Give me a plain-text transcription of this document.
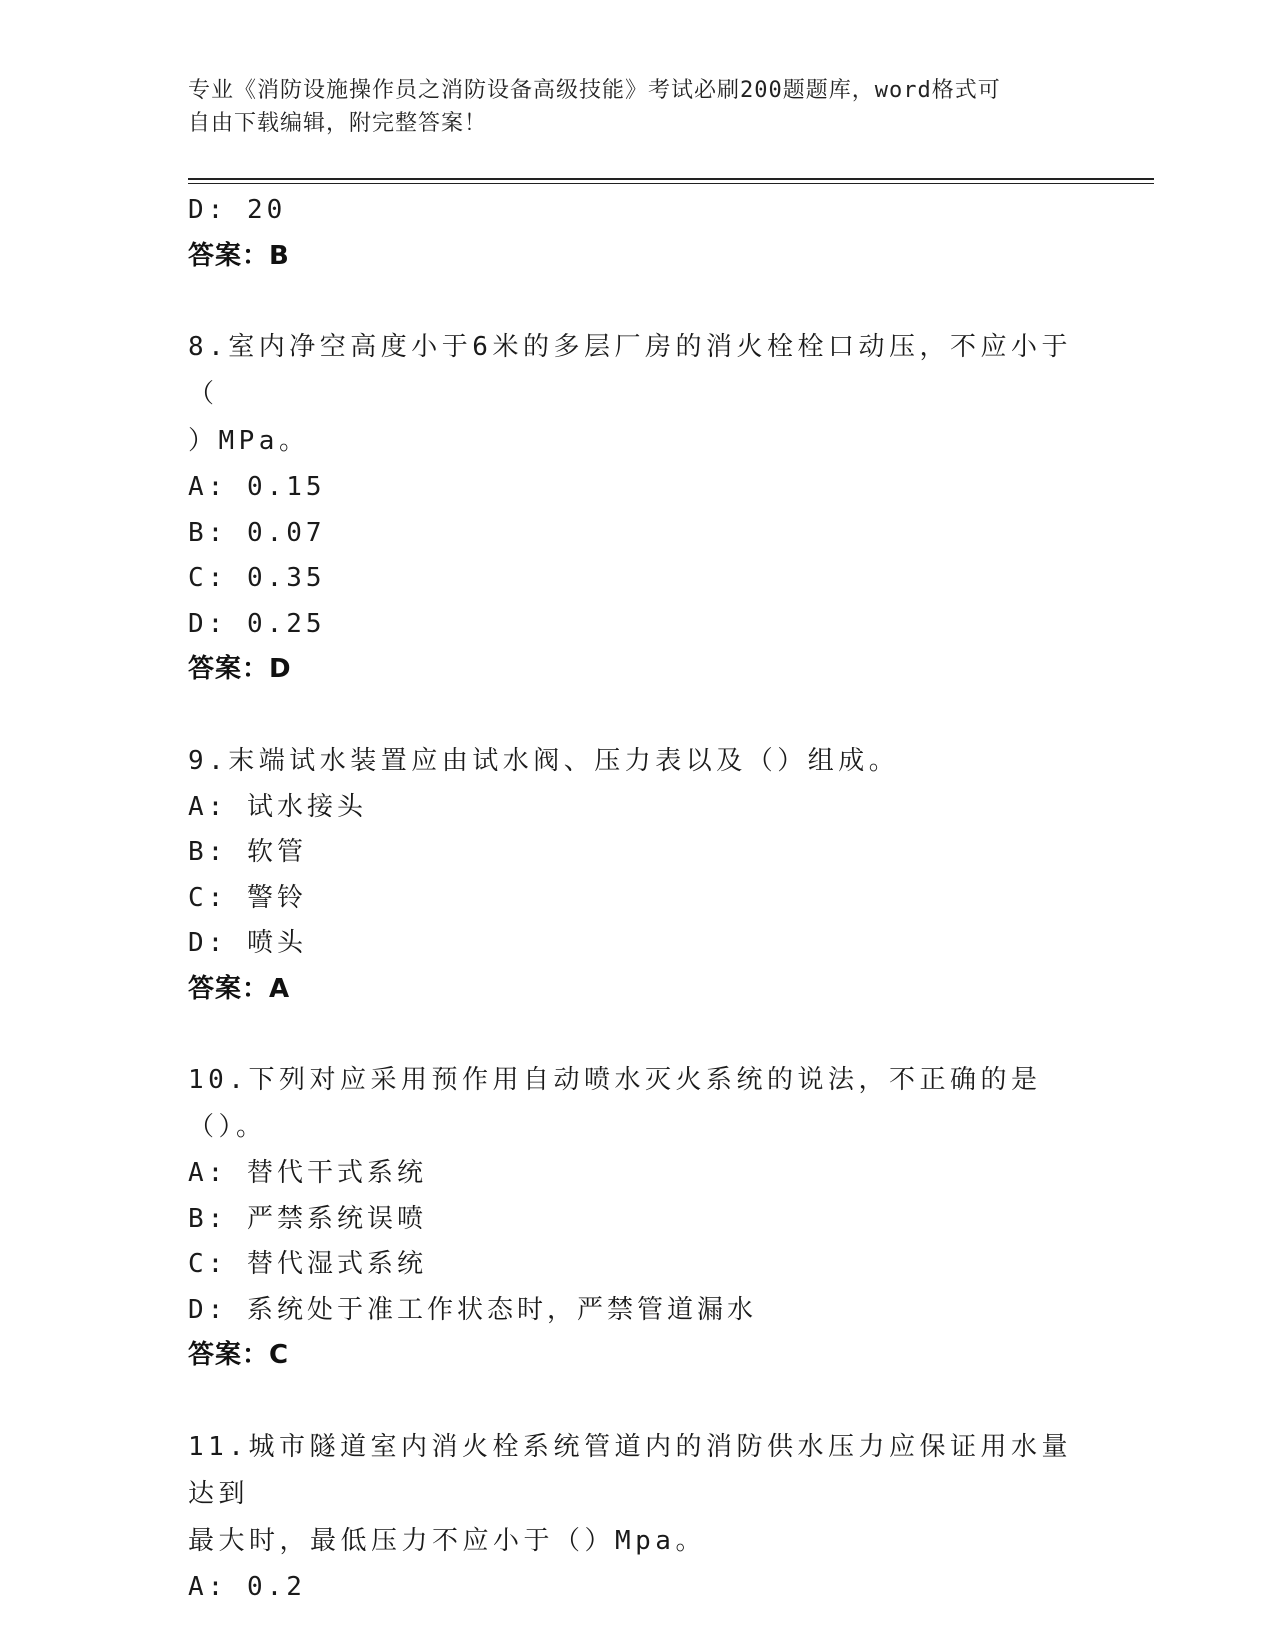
专业《消防设施操作员之消防设备高级技能》考试必刷200题题库，word格式可
自由下载编辑，附完整答案！
D: 20
答案：B
8.室内净空高度小于6米的多层厂房的消火栓栓口动压，不应小于（
）MPa。
A: 0.15
B: 0.07
C: 0.35
D: 0.25
答案：D
9.末端试水装置应由试水阀、压力表以及（）组成。
A: 试水接头
B: 软管
C: 警铃
D: 喷头
答案：A
10.下列对应采用预作用自动喷水灭火系统的说法，不正确的是（）。
A: 替代干式系统
B: 严禁系统误喷
C: 替代湿式系统
D: 系统处于准工作状态时，严禁管道漏水
答案：C
11.城市隧道室内消火栓系统管道内的消防供水压力应保证用水量达到
最大时，最低压力不应小于（）Mpa。
A: 0.2
